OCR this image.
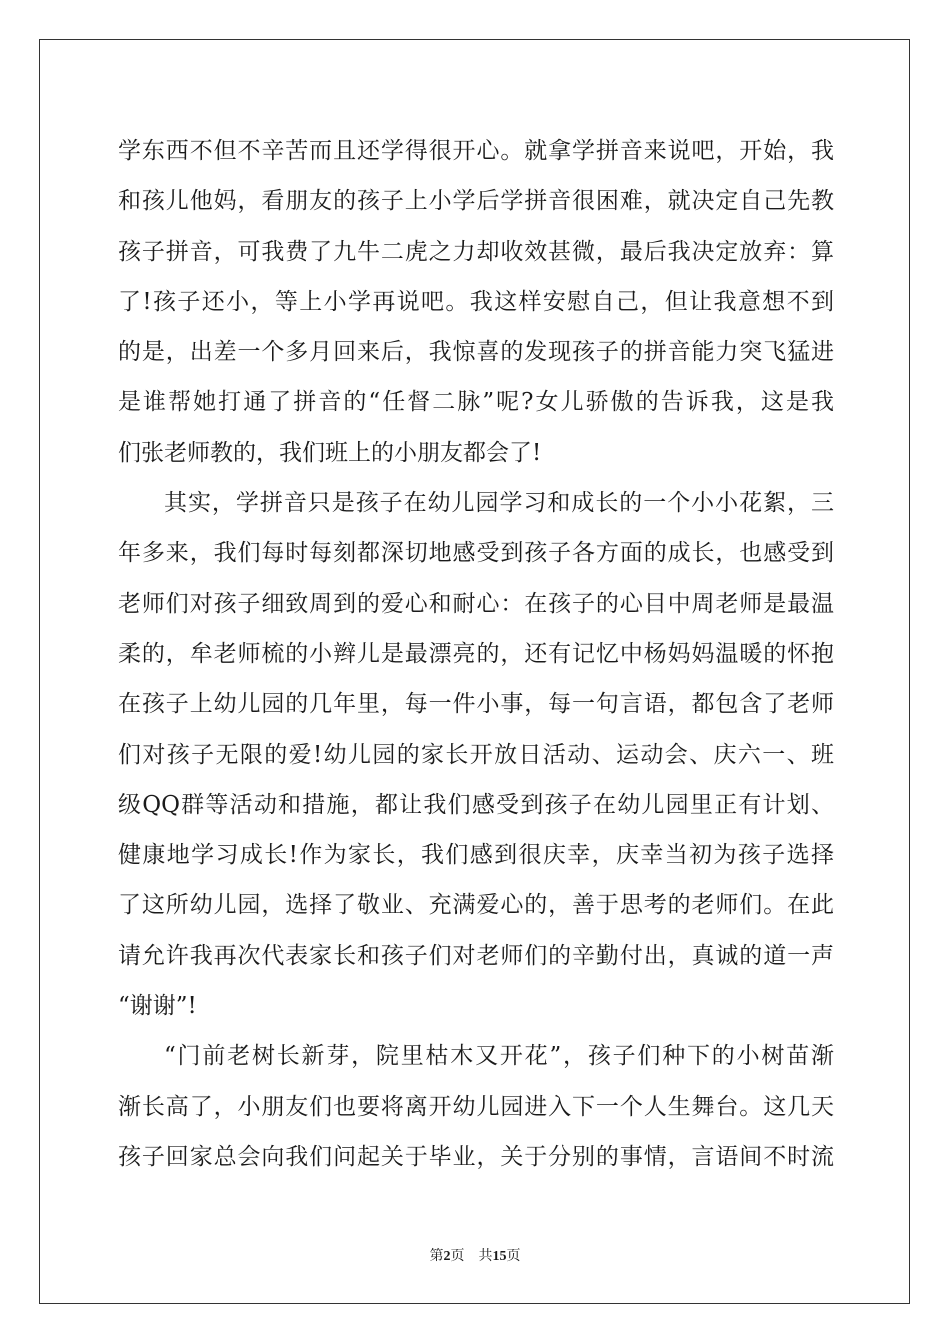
学东西不但不辛苦而且还学得很开心。就拿学拼音来说吧，开始，我
和孩儿他妈，看朋友的孩子上小学后学拼音很困难，就决定自己先教
孩子拼音，可我费了九牛二虎之力却收效甚微，最后我决定放弃：算
了!孩子还小，等上小学再说吧。我这样安慰自己，但让我意想不到
的是，出差一个多月回来后，我惊喜的发现孩子的拼音能力突飞猛进
是谁帮她打通了拼音的“任督二脉”呢?女儿骄傲的告诉我，这是我
们张老师教的，我们班上的小朋友都会了!
其实，学拼音只是孩子在幼儿园学习和成长的一个小小花絮，三
年多来，我们每时每刻都深切地感受到孩子各方面的成长，也感受到
老师们对孩子细致周到的爱心和耐心：在孩子的心目中周老师是最温
柔的，牟老师梳的小辫儿是最漂亮的，还有记忆中杨妈妈温暖的怀抱
在孩子上幼儿园的几年里，每一件小事，每一句言语，都包含了老师
们对孩子无限的爱!幼儿园的家长开放日活动、运动会、庆六一、班
级QQ群等活动和措施，都让我们感受到孩子在幼儿园里正有计划、
健康地学习成长!作为家长，我们感到很庆幸，庆幸当初为孩子选择
了这所幼儿园，选择了敬业、充满爱心的，善于思考的老师们。在此
请允许我再次代表家长和孩子们对老师们的辛勤付出，真诚的道一声
“谢谢”!
“门前老树长新芽，院里枯木又开花”，孩子们种下的小树苗渐
渐长高了，小朋友们也要将离开幼儿园进入下一个人生舞台。这几天
孩子回家总会向我们问起关于毕业，关于分别的事情，言语间不时流
第2页 共15页
